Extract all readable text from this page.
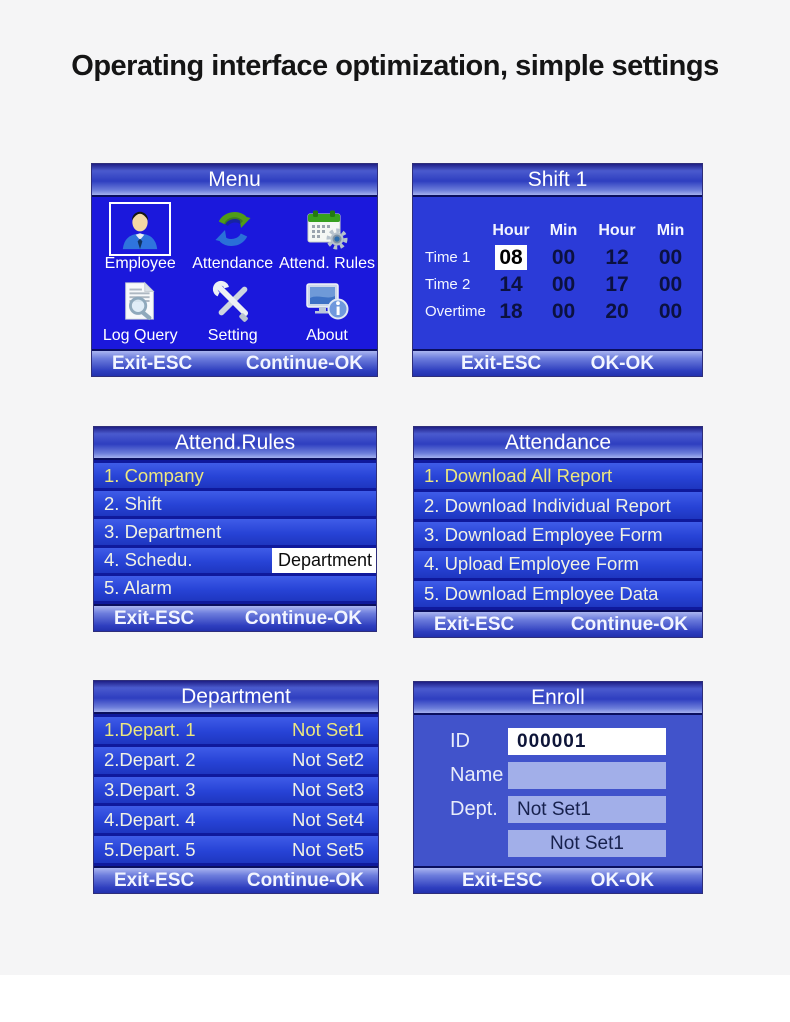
Operating interface optimization, simple settings
Menu
Employee Attendance Attend. Rules
Log Query Setting	About
Exit-ESC	Continue-OK
Shift 1
Hour	Min	Hour	Min
Time 1	08	00	12	00
Time 2	14	00	17	00
Overtime 18	00	20	00
Exit-ESC	OK-OK
Attend.Rules
1. Company
2. Shift
3. Department
4. Schedu.	Department
5. Alarm
Exit-ESC	Continue-OK
Attendance
1. Download All Report
2. Download Individual Report
3. Download Employee Form
4. Upload Employee Form
5. Download Employee Data
Exit-ESC	Continue-OK
Department
1.Depart. 1	Not Set1
2.Depart. 2	Not Set2
3.Depart. 3	Not Set3
4.Depart. 4	Not Set4
5.Depart. 5	Not Set5
Exit-ESC	Continue-OK
Enroll
ID	000001
Name
Dept.	Not Set1
Not Set1
Exit-ESC	OK-OK
